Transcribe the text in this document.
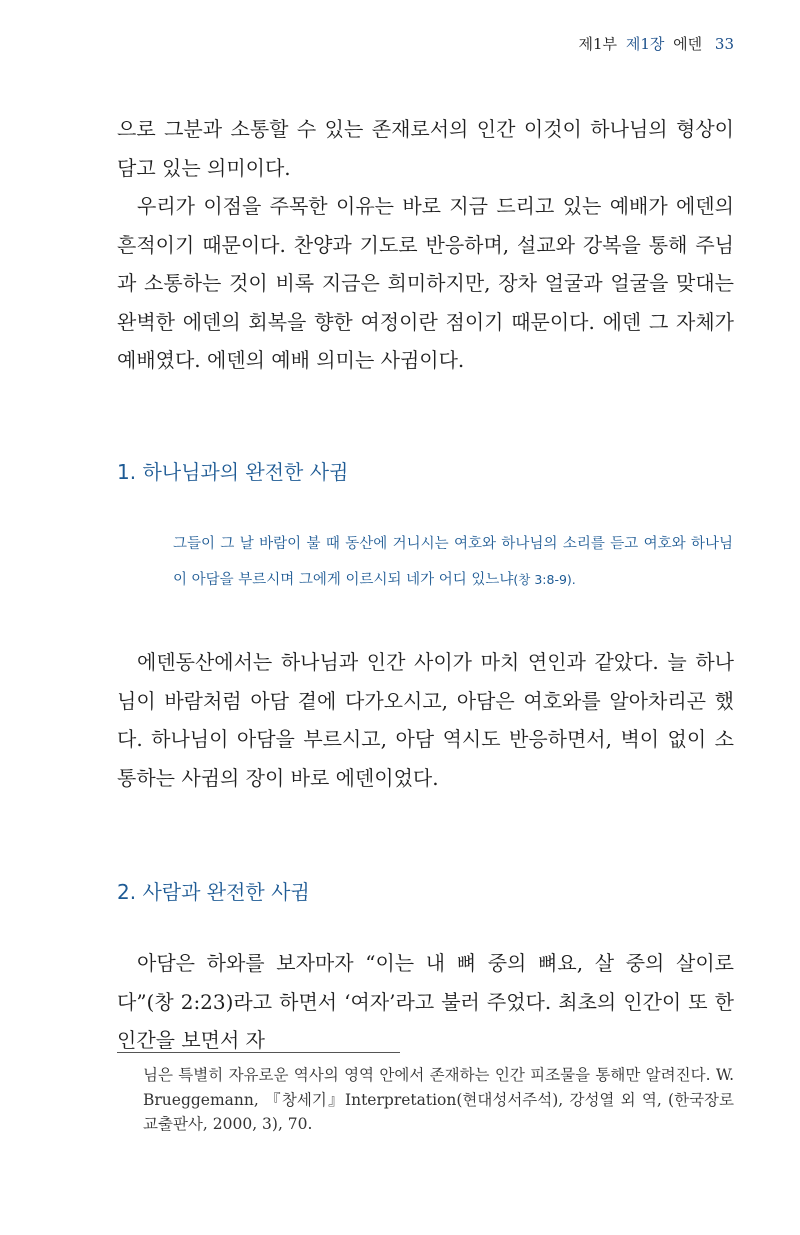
제1부 제1장 에덴 33

으로 그분과 소통할 수 있는 존재로서의 인간 이것이 하나님의 형상이 담고 있는 의미이다.

우리가 이점을 주목한 이유는 바로 지금 드리고 있는 예배가 에덴의 흔적이기 때문이다. 찬양과 기도로 반응하며, 설교와 강복을 통해 주님과 소통하는 것이 비록 지금은 희미하지만, 장차 얼굴과 얼굴을 맞대는 완벽한 에덴의 회복을 향한 여정이란 점이기 때문이다. 에덴 그 자체가 예배였다. 에덴의 예배 의미는 사귐이다.

1. 하나님과의 완전한 사귐

그들이 그 날 바람이 불 때 동산에 거니시는 여호와 하나님의 소리를 듣고 여호와 하나님이 아담을 부르시며 그에게 이르시되 네가 어디 있느냐(창 3:8-9).

에덴동산에서는 하나님과 인간 사이가 마치 연인과 같았다. 늘 하나님이 바람처럼 아담 곁에 다가오시고, 아담은 여호와를 알아차리곤 했다. 하나님이 아담을 부르시고, 아담 역시도 반응하면서, 벽이 없이 소통하는 사귐의 장이 바로 에덴이었다.

2. 사람과 완전한 사귐

아담은 하와를 보자마자 “이는 내 뼈 중의 뼈요, 살 중의 살이로다”(창 2:23)라고 하면서 ‘여자’라고 불러 주었다. 최초의 인간이 또 한 인간을 보면서 자

님은 특별히 자유로운 역사의 영역 안에서 존재하는 인간 피조물을 통해만 알려진다. W. Brueggemann, 『창세기』Interpretation(현대성서주석), 강성열 외 역, (한국장로교출판사, 2000, 3), 70.
